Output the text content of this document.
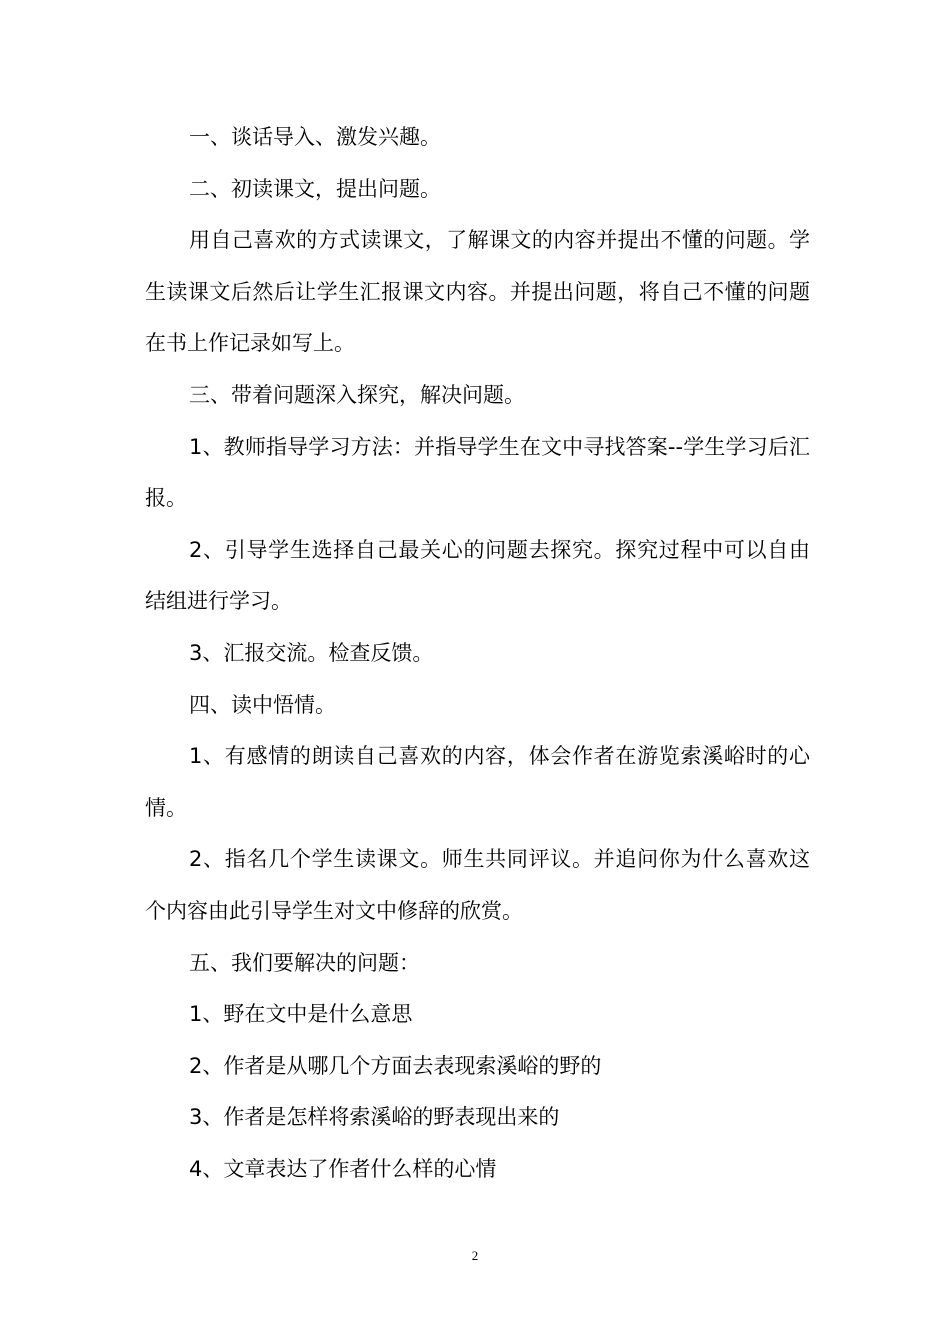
一、谈话导入、激发兴趣。

二、初读课文，提出问题。

用自己喜欢的方式读课文，了解课文的内容并提出不懂的问题。学生读课文后然后让学生汇报课文内容。并提出问题，将自己不懂的问题在书上作记录如写上。

三、带着问题深入探究，解决问题。

1、教师指导学习方法：并指导学生在文中寻找答案--学生学习后汇报。

2、引导学生选择自己最关心的问题去探究。探究过程中可以自由结组进行学习。

3、汇报交流。检查反馈。

四、读中悟情。

1、有感情的朗读自己喜欢的内容，体会作者在游览索溪峪时的心情。

2、指名几个学生读课文。师生共同评议。并追问你为什么喜欢这个内容由此引导学生对文中修辞的欣赏。

五、我们要解决的问题：

1、野在文中是什么意思

2、作者是从哪几个方面去表现索溪峪的野的

3、作者是怎样将索溪峪的野表现出来的

4、文章表达了作者什么样的心情

2
